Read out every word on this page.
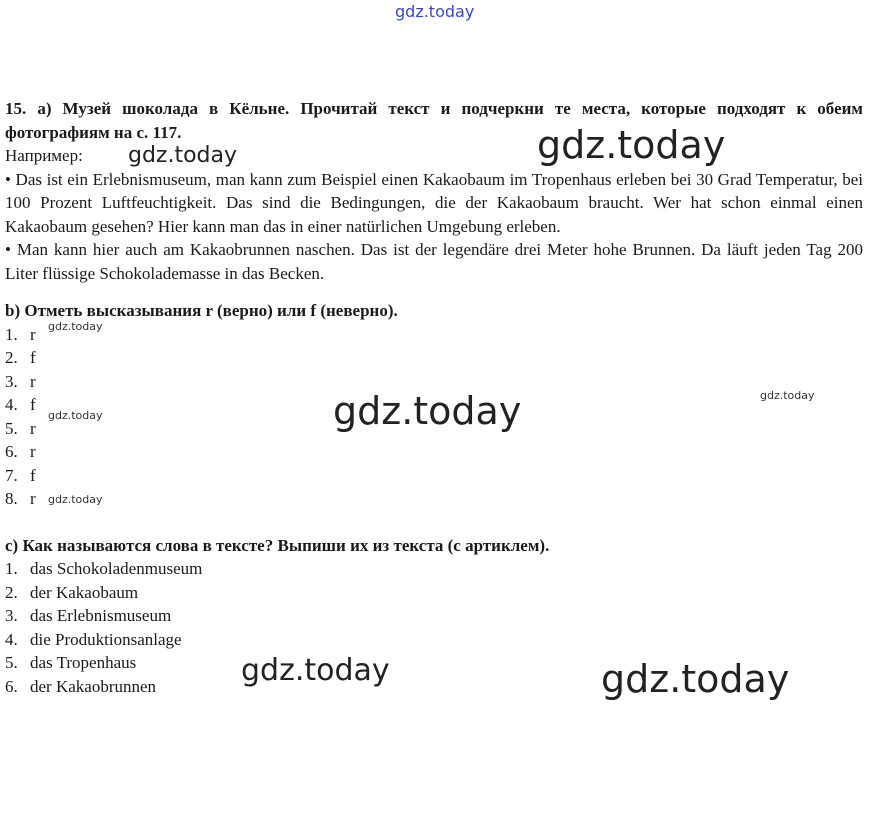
gdz.today
gdz.today
gdz.today
gdz.today
gdz.today	gdz.today
gdz.today
gdz.today
gdz.today	gdz.today
15. a) Музей шоколада в Кёльне. Прочитай текст и подчеркни те места, которые подходят к обеим фотографиям на с. 117.
Например:
• Das ist ein Erlebnismuseum, man kann zum Beispiel einen Kakaobaum im Tropenhaus erleben bei 30 Grad Temperatur, bei 100 Prozent Luftfeuchtigkeit. Das sind die Bedingungen, die der Kakaobaum braucht. Wer hat schon einmal einen Kakaobaum gesehen? Hier kann man das in einer natürlichen Umgebung erleben.
• Man kann hier auch am Kakaobrunnen naschen. Das ist der legendäre drei Meter hohe Brunnen. Da läuft jeden Tag 200 Liter flüssige Schokolademasse in das Becken.
b) Отметь высказывания r (верно) или f (неверно).
1. r
2. f
3. r
4. f
5. r
6. r
7. f
8. r
c) Как называются слова в тексте? Выпиши их из текста (с артиклем).
1. das Schokoladenmuseum
2. der Kakaobaum
3. das Erlebnismuseum
4. die Produktionsanlage
5. das Tropenhaus
6. der Kakaobrunnen
